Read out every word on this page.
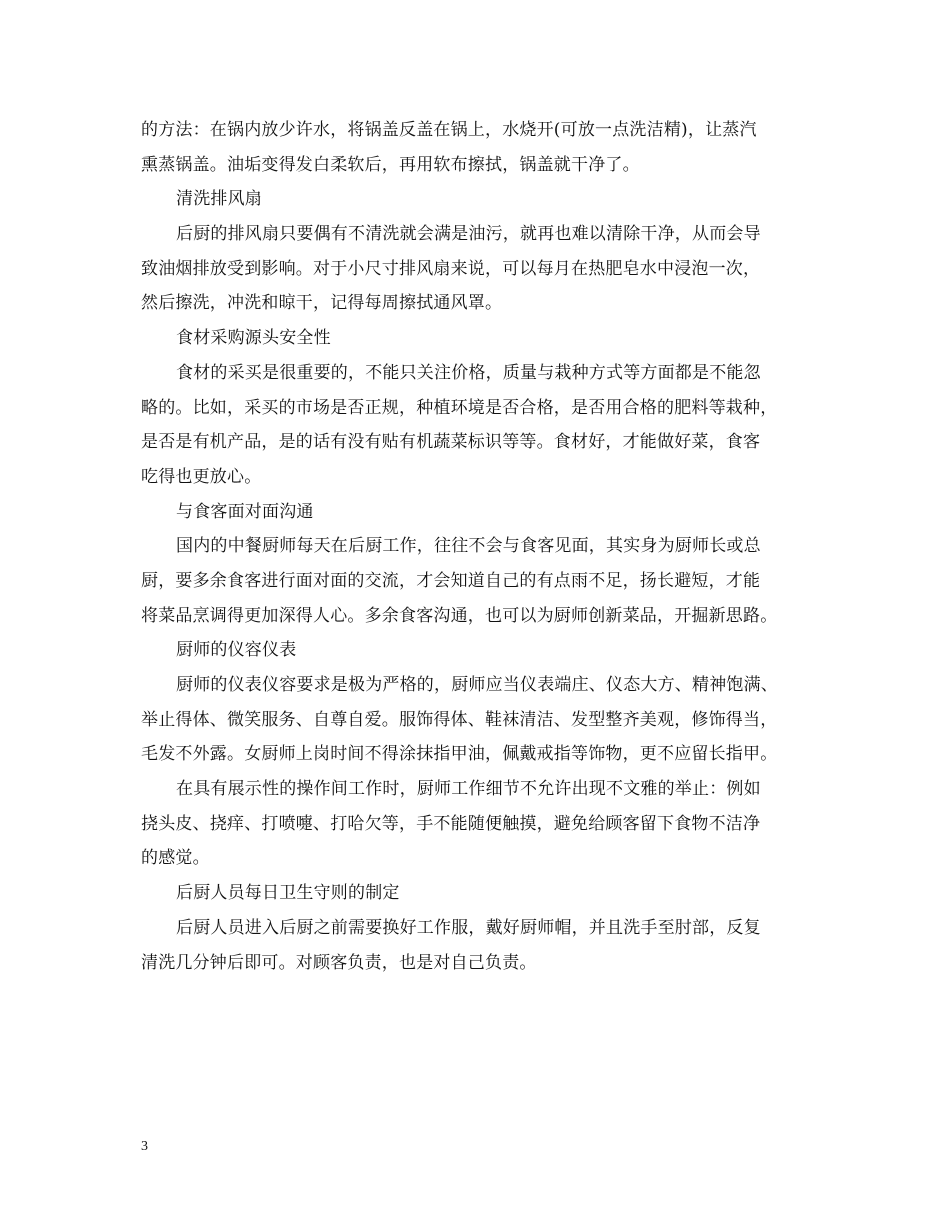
的方法：在锅内放少许水，将锅盖反盖在锅上，水烧开(可放一点洗洁精)，让蒸汽
熏蒸锅盖。油垢变得发白柔软后，再用软布擦拭，锅盖就干净了。
清洗排风扇
后厨的排风扇只要偶有不清洗就会满是油污，就再也难以清除干净，从而会导
致油烟排放受到影响。对于小尺寸排风扇来说，可以每月在热肥皂水中浸泡一次，
然后擦洗，冲洗和晾干，记得每周擦拭通风罩。
食材采购源头安全性
食材的采买是很重要的，不能只关注价格，质量与栽种方式等方面都是不能忽
略的。比如，采买的市场是否正规，种植环境是否合格，是否用合格的肥料等栽种，
是否是有机产品，是的话有没有贴有机蔬菜标识等等。食材好，才能做好菜，食客
吃得也更放心。
与食客面对面沟通
国内的中餐厨师每天在后厨工作，往往不会与食客见面，其实身为厨师长或总
厨，要多余食客进行面对面的交流，才会知道自己的有点雨不足，扬长避短，才能
将菜品烹调得更加深得人心。多余食客沟通，也可以为厨师创新菜品，开掘新思路。
厨师的仪容仪表
厨师的仪表仪容要求是极为严格的，厨师应当仪表端庄、仪态大方、精神饱满、
举止得体、微笑服务、自尊自爱。服饰得体、鞋袜清洁、发型整齐美观，修饰得当，
毛发不外露。女厨师上岗时间不得涂抹指甲油，佩戴戒指等饰物，更不应留长指甲。
在具有展示性的操作间工作时，厨师工作细节不允许出现不文雅的举止：例如
挠头皮、挠痒、打喷嚏、打哈欠等，手不能随便触摸，避免给顾客留下食物不洁净
的感觉。
后厨人员每日卫生守则的制定
后厨人员进入后厨之前需要换好工作服，戴好厨师帽，并且洗手至肘部，反复
清洗几分钟后即可。对顾客负责，也是对自己负责。
3
